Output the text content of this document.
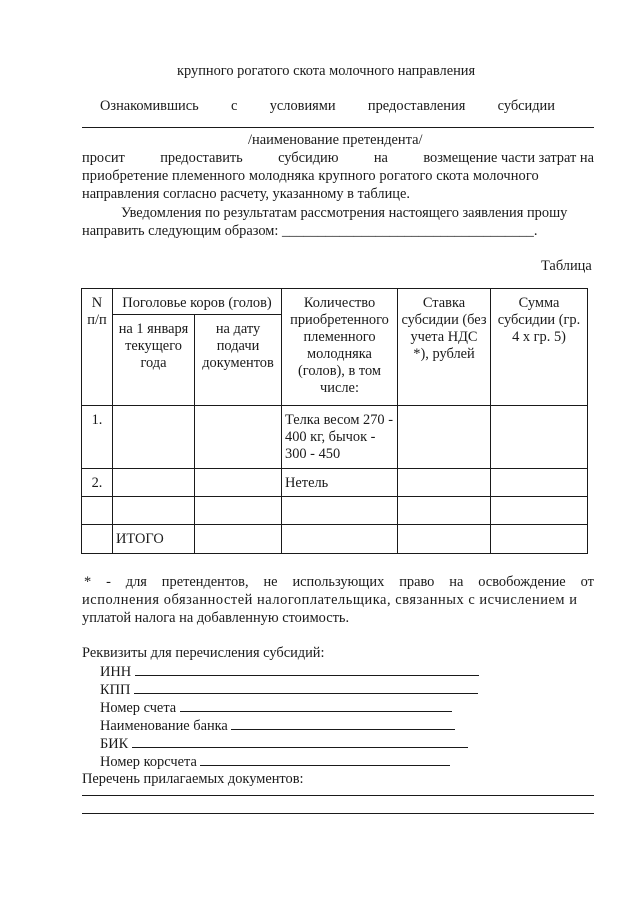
крупного рогатого скота молочного направления
Ознакомившись с условиями предоставления субсидии
/наименование претендента/
просит предоставить субсидию на возмещение части затрат на
приобретение племенного молодняка крупного рогатого скота молочного
направления согласно расчету, указанному в таблице.
Уведомления по результатам рассмотрения настоящего заявления прошу
направить следующим образом: ___________________________________.
Таблица
N п/п	Поголовье коров (голов)		Количество приобретенного племенного молодняка (голов), в том числе:	Ставка субсидии (без учета НДС *), рублей	Сумма субсидии (гр. 4 х гр. 5)
	на 1 января текущего года	на дату подачи документов			
1.			Телка весом 270 - 400 кг, бычок - 300 - 450		
2.			Нетель		

	ИТОГО				
* - для претендентов, не использующих право на освобождение от
исполнения обязанностей налогоплательщика, связанных с исчислением и
уплатой налога на добавленную стоимость.
Реквизиты для перечисления субсидий:
ИНН
КПП
Номер счета
Наименование банка
БИК
Номер корсчета
Перечень прилагаемых документов:
